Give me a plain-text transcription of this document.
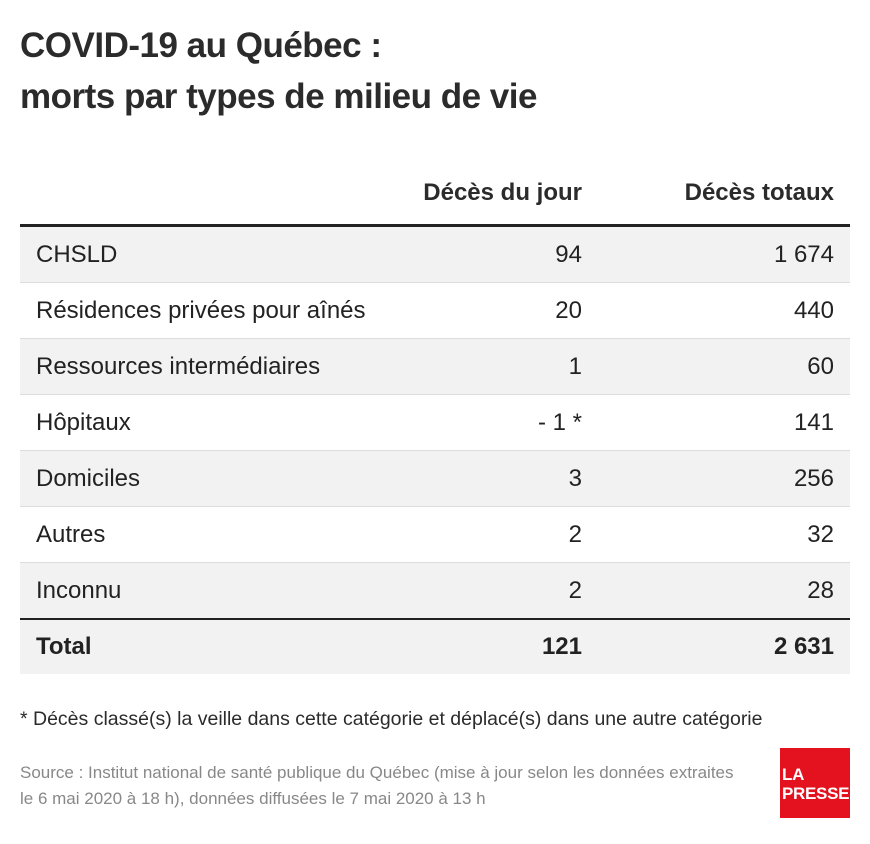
COVID-19 au Québec :
morts par types de milieu de vie
	Décès du jour	Décès totaux
CHSLD	94	1 674
Résidences privées pour aînés	20	440
Ressources intermédiaires	1	60
Hôpitaux	- 1 *	141
Domiciles	3	256
Autres	2	32
Inconnu	2	28
Total	121	2 631

* Décès classé(s) la veille dans cette catégorie et déplacé(s) dans une autre catégorie

Source : Institut national de santé publique du Québec (mise à jour selon les données extraites le 6 mai 2020 à 18 h), données diffusées le 7 mai 2020 à 13 h

LA
PRESSE
